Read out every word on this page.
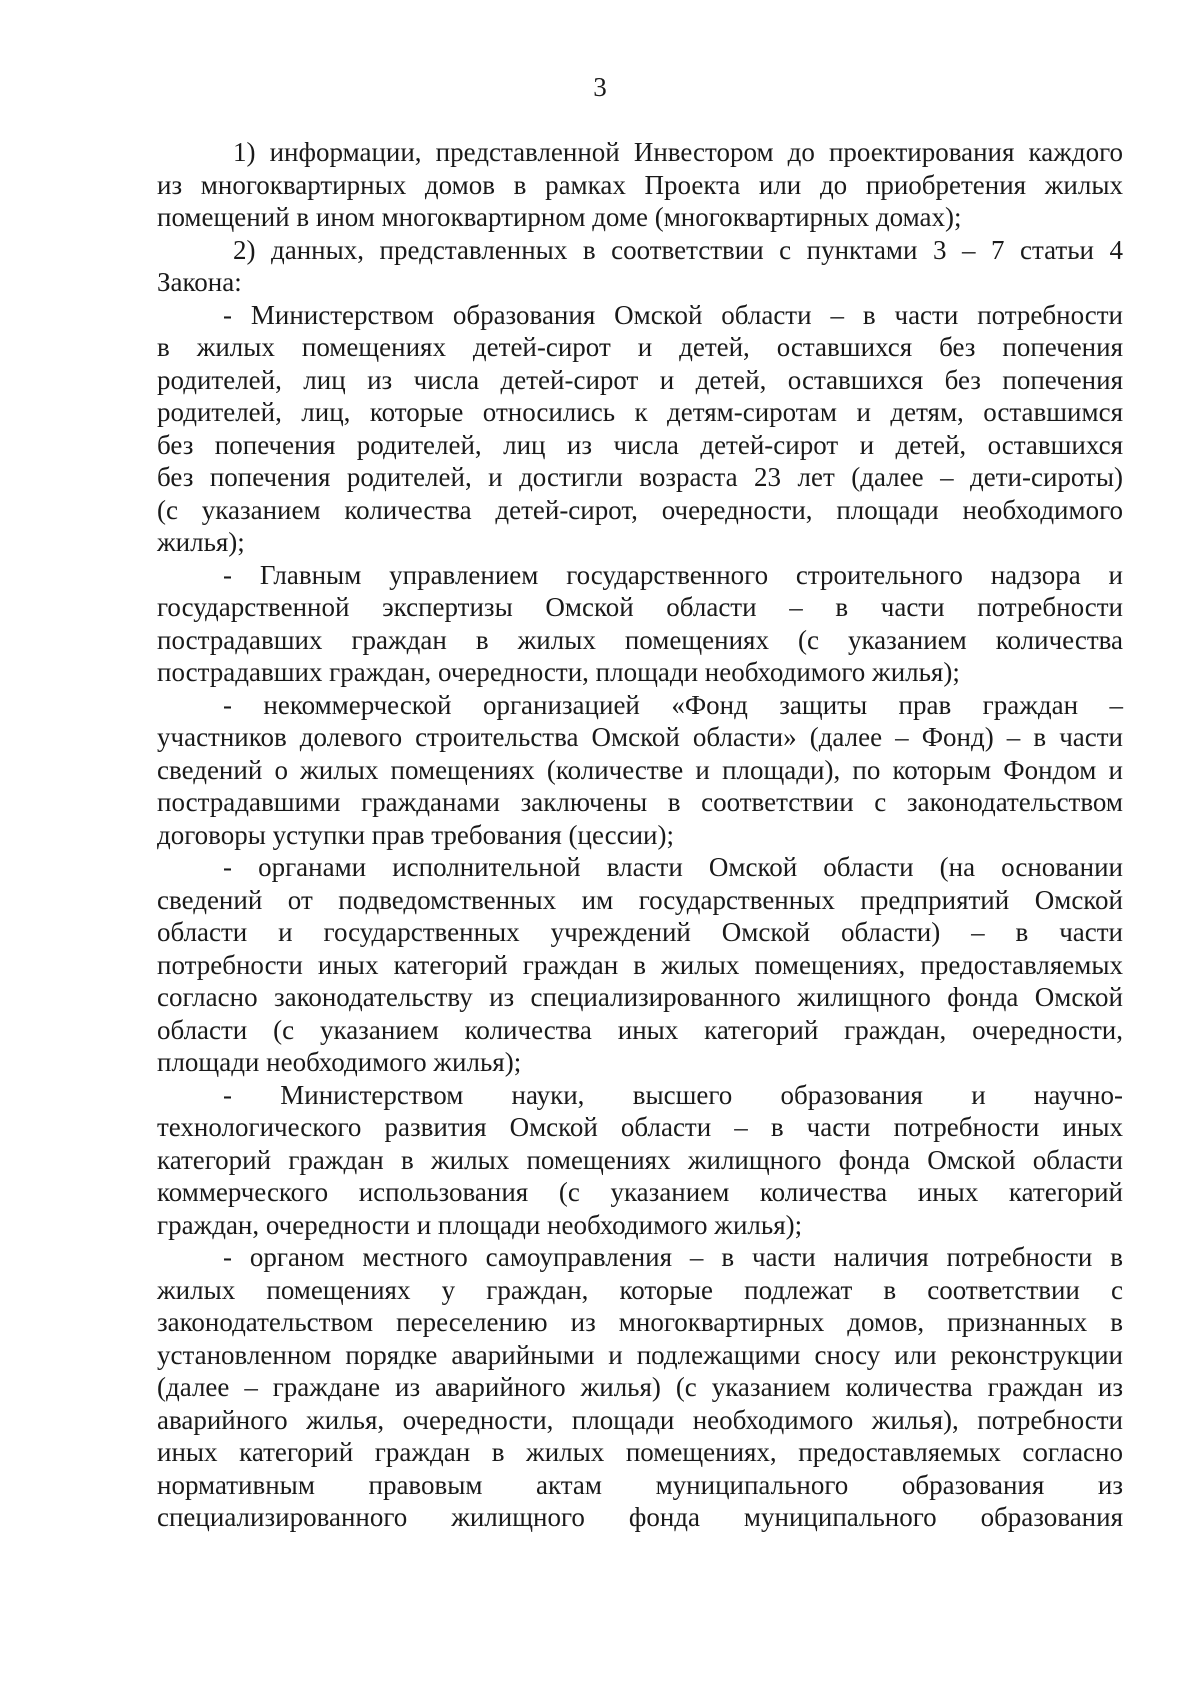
3

1) информации, представленной Инвестором до проектирования каждого

из многоквартирных домов в рамках Проекта или до приобретения жилых

помещений в ином многоквартирном доме (многоквартирных домах);

2) данных, представленных в соответствии с пунктами 3 – 7 статьи 4

Закона:

- Министерством образования Омской области – в части потребности

в жилых помещениях детей-сирот и детей, оставшихся без попечения

родителей, лиц из числа детей-сирот и детей, оставшихся без попечения

родителей, лиц, которые относились к детям-сиротам и детям, оставшимся

без попечения родителей, лиц из числа детей-сирот и детей, оставшихся

без попечения родителей, и достигли возраста 23 лет (далее – дети-сироты)

(с указанием количества детей-сирот, очередности, площади необходимого

жилья);

- Главным управлением государственного строительного надзора и

государственной экспертизы Омской области – в части потребности

пострадавших граждан в жилых помещениях (с указанием количества

пострадавших граждан, очередности, площади необходимого жилья);

- некоммерческой организацией «Фонд защиты прав граждан –

участников долевого строительства Омской области» (далее – Фонд) – в части

сведений о жилых помещениях (количестве и площади), по которым Фондом и

пострадавшими гражданами заключены в соответствии с законодательством

договоры уступки прав требования (цессии);

- органами исполнительной власти Омской области (на основании

сведений от подведомственных им государственных предприятий Омской

области и государственных учреждений Омской области) – в части

потребности иных категорий граждан в жилых помещениях, предоставляемых

согласно законодательству из специализированного жилищного фонда Омской

области (с указанием количества иных категорий граждан, очередности,

площади необходимого жилья);

- Министерством науки, высшего образования и научно-

технологического развития Омской области – в части потребности иных

категорий граждан в жилых помещениях жилищного фонда Омской области

коммерческого использования (с указанием количества иных категорий

граждан, очередности и площади необходимого жилья);

- органом местного самоуправления – в части наличия потребности в

жилых помещениях у граждан, которые подлежат в соответствии с

законодательством переселению из многоквартирных домов, признанных в

установленном порядке аварийными и подлежащими сносу или реконструкции

(далее – граждане из аварийного жилья) (с указанием количества граждан из

аварийного жилья, очередности, площади необходимого жилья), потребности

иных категорий граждан в жилых помещениях, предоставляемых согласно

нормативным правовым актам муниципального образования из

специализированного жилищного фонда муниципального образования
